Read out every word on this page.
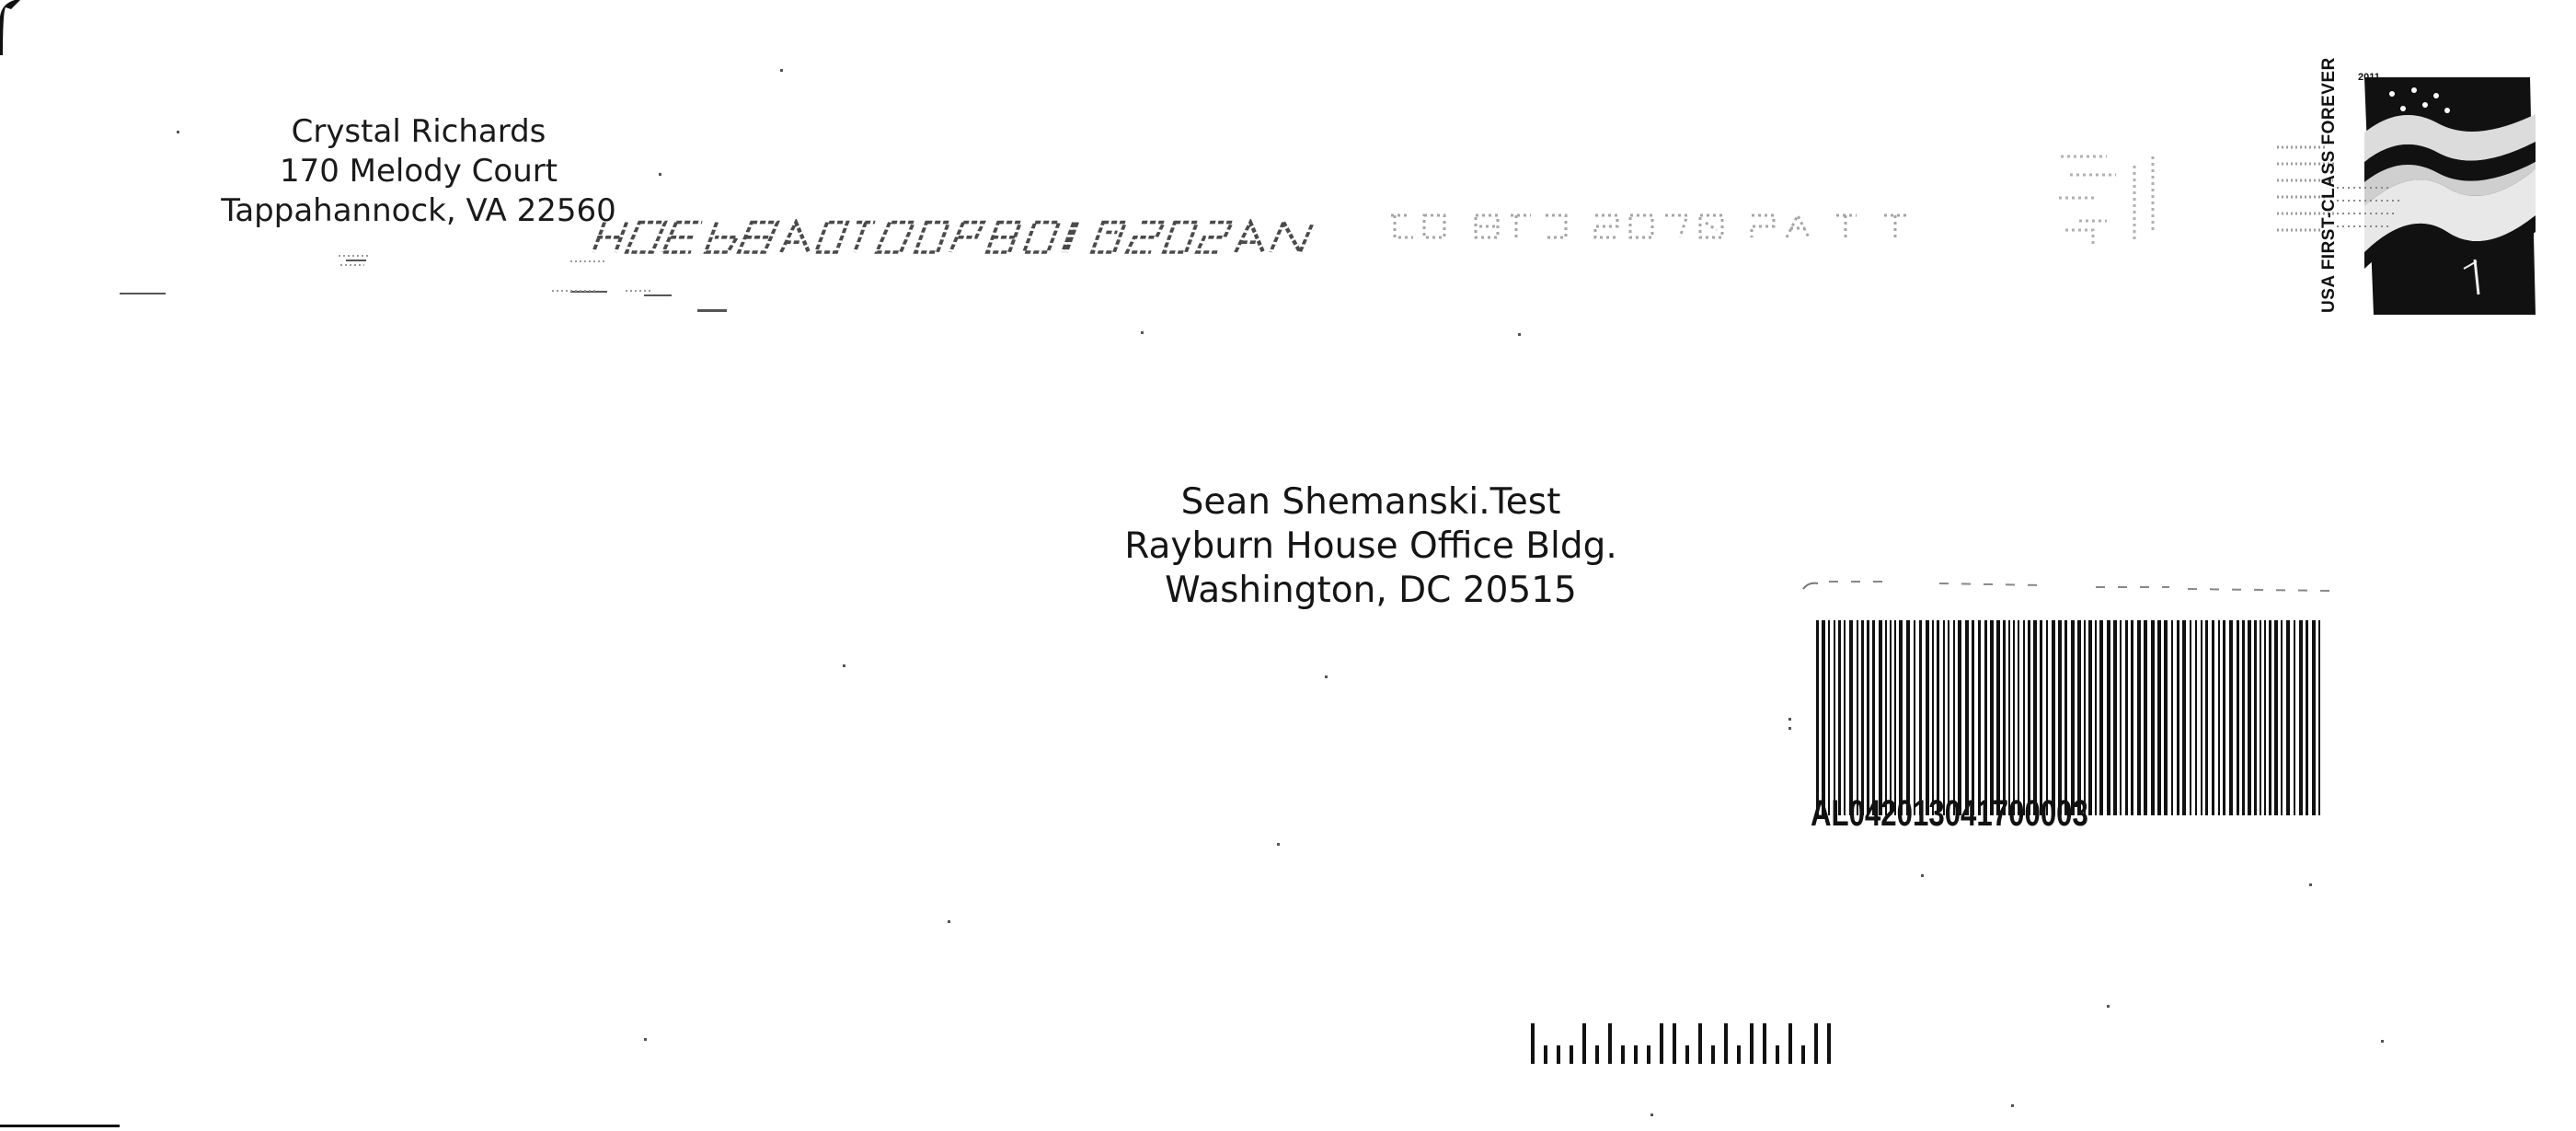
Crystal Richards
170 Melody Court
Tappahannock, VA 22560
2011
USA FIRST-CLASS FOREVER
Sean Shemanski.Test
Rayburn House Office Bldg.
Washington, DC 20515
AL042013041700003
